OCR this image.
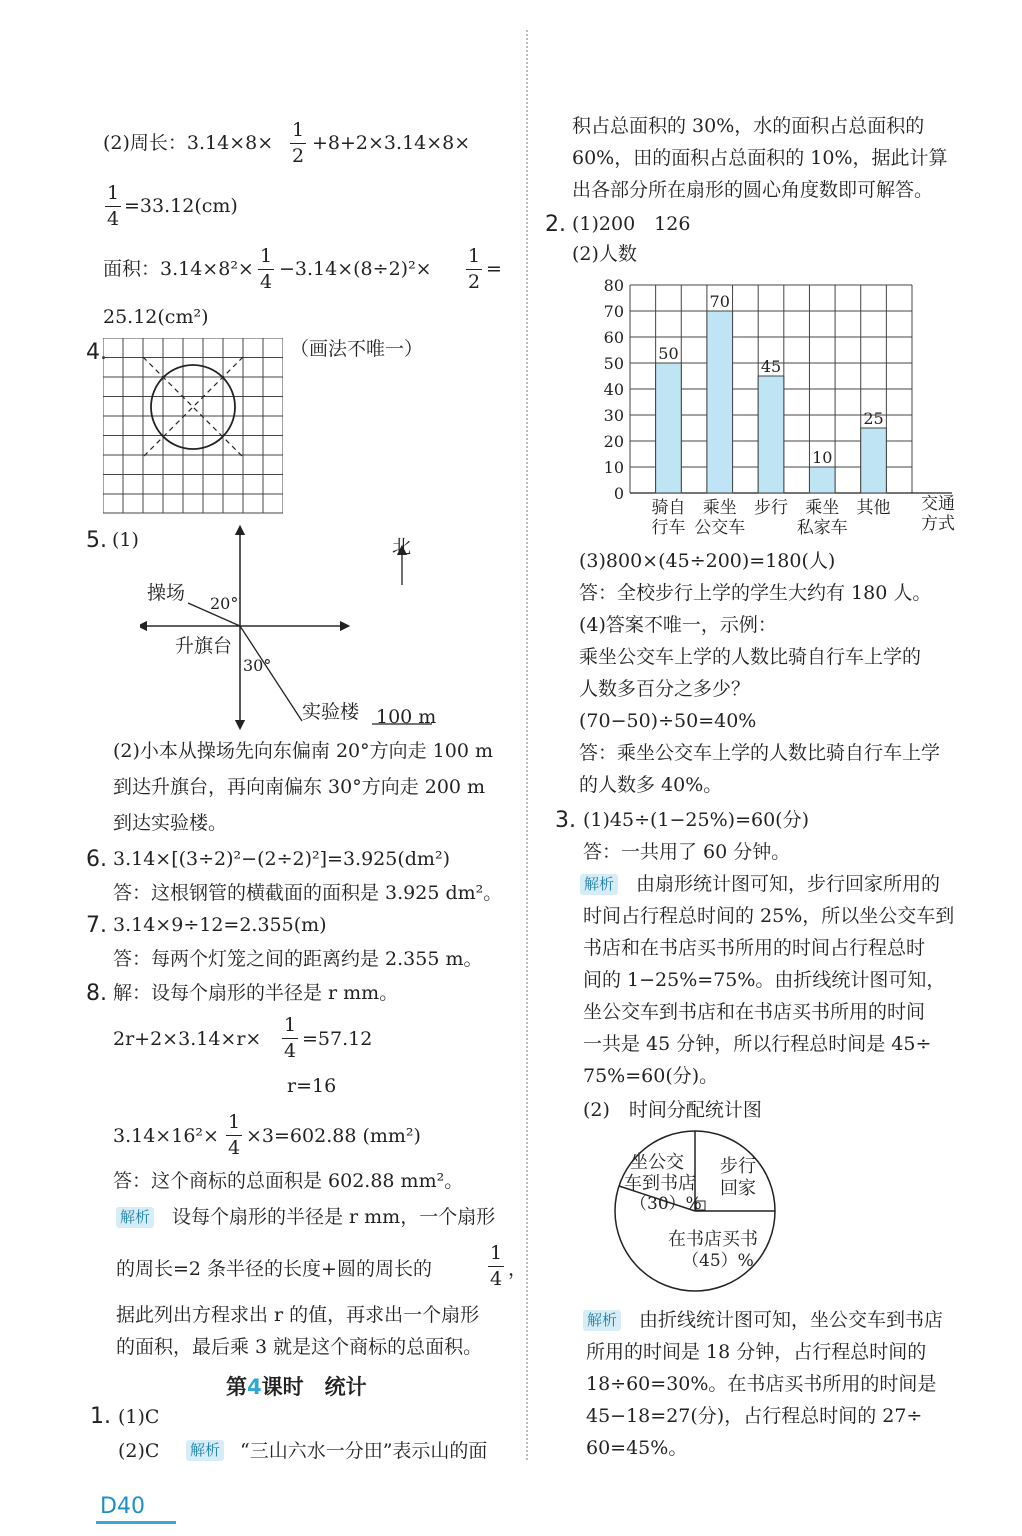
(2)周长：$3.14\times 8\times \frac{1}{2} +8+2\times 3.14\times 8\times$
$\frac{1}{4} =33.12(cm)$
面积：$3.14\times 8^2\times \frac{1}{4} -3.14\times(8\div 2)^2\times \frac{1}{2}$ =
25.12(cm²)
4.	（画法不唯一）
5. (1)	北
操场 20°
升旗台
30°
实验楼 100 m
(2)小本从操场先向东偏南 20°方向走 100 m
到达升旗台，再向南偏东 30°方向走 200 m
到达实验楼。
6. 3.14×[(3÷2)²−(2÷2)²]=3.925(dm²)
答：这根钢管的横截面的面积是 3.925 dm²。
7. 3.14×9÷12=2.355(m)
答：每两个灯笼之间的距离约是 2.355 m。
8. 解：设每个扇形的半径是 r mm。
$2r+2\times 3.14\times r\times \frac{1}{4} =57.12$
r=16
$3.14\times 16^2\times \frac{1}{4} \times 3=602.88$ (mm²)
答：这个商标的总面积是 602.88 mm²。
解析 设每个扇形的半径是 r mm，一个扇形
的周长=2 条半径的长度+圆的周长的	$\frac{1}{4}$ ，
据此列出方程求出 r 的值，再求出一个扇形
的面积，最后乘 3 就是这个商标的总面积。
第4课时　统计
1. (1)C
(2)C 解析 “三山六水一分田”表示山的面
D40
积占总面积的 30%，水的面积占总面积的
60%，田的面积占总面积的 10%，据此计算
出各部分所在扇形的圆心角度数即可解答。
2. (1)200　126
(2)人数
0
10
20
30
40
50
60
70
80
交通
方式
50
骑自
行车
70
乘坐
公交车
45
步行
10
乘坐
私家车
25
其他
(3)800×(45÷200)=180(人)
答：全校步行上学的学生大约有 180 人。
(4)答案不唯一，示例：
乘坐公交车上学的人数比骑自行车上学的
人数多百分之多少？
(70−50)÷50=40%
答：乘坐公交车上学的人数比骑自行车上学
的人数多 40%。
3. (1)45÷(1−25%)=60(分)
答：一共用了 60 分钟。
解析 由扇形统计图可知，步行回家所用的
时间占行程总时间的 25%，所以坐公交车到
书店和在书店买书所用的时间占行程总时
间的 1−25%=75%。由折线统计图可知，
坐公交车到书店和在书店买书所用的时间
一共是 45 分钟，所以行程总时间是 45÷
75%=60(分)。
(2)　时间分配统计图
坐公交
车到书店
（30）%
步行
回家
在书店买书
（45）%
解析 由折线统计图可知，坐公交车到书店
所用的时间是 18 分钟，占行程总时间的
18÷60=30%。在书店买书所用的时间是
45−18=27(分)，占行程总时间的 27÷
60=45%。
